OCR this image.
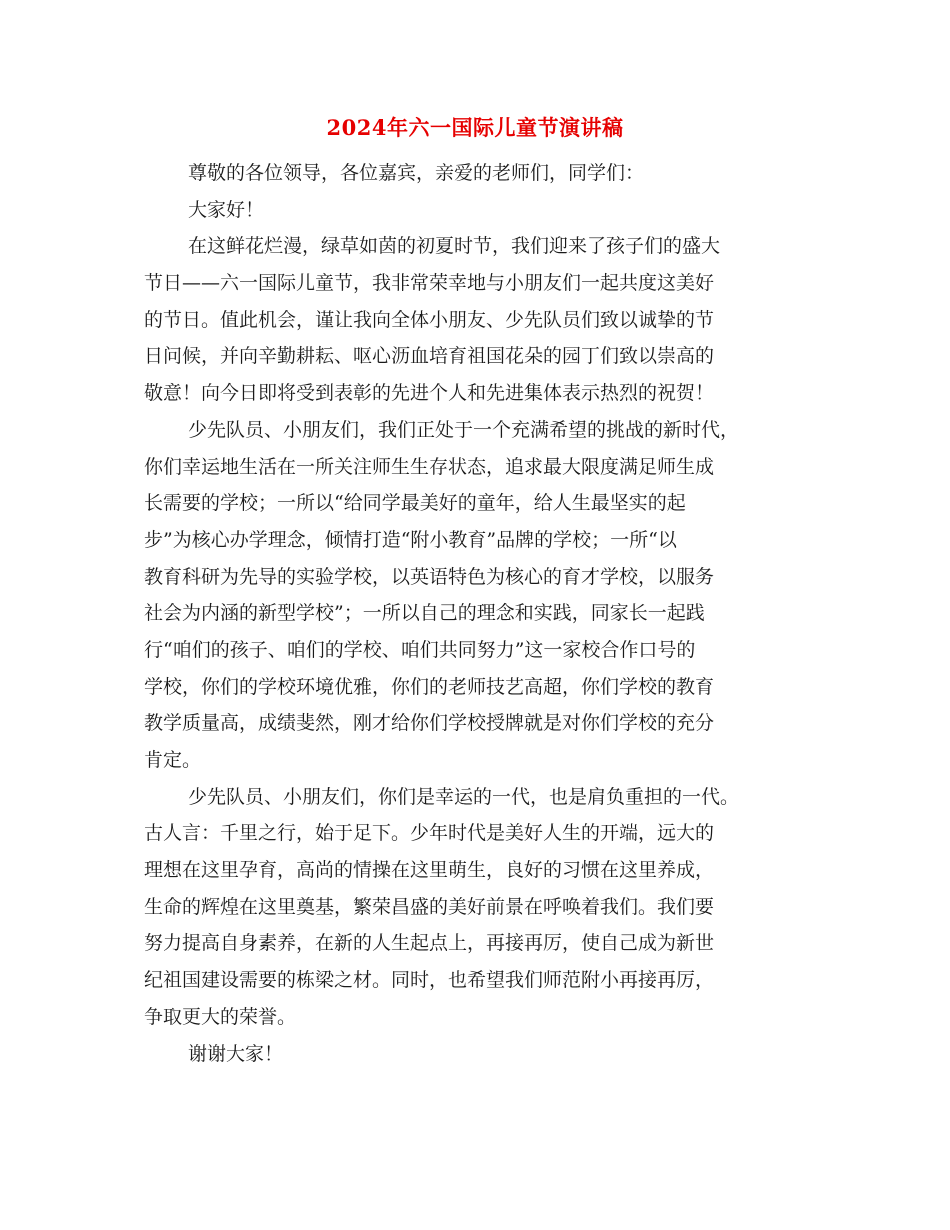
2024年六一国际儿童节演讲稿
尊敬的各位领导，各位嘉宾，亲爱的老师们，同学们：
大家好！
在这鲜花烂漫，绿草如茵的初夏时节，我们迎来了孩子们的盛大
节日——六一国际儿童节，我非常荣幸地与小朋友们一起共度这美好
的节日。值此机会，谨让我向全体小朋友、少先队员们致以诚挚的节
日问候，并向辛勤耕耘、呕心沥血培育祖国花朵的园丁们致以崇高的
敬意！向今日即将受到表彰的先进个人和先进集体表示热烈的祝贺！
少先队员、小朋友们，我们正处于一个充满希望的挑战的新时代，
你们幸运地生活在一所关注师生生存状态，追求最大限度满足师生成
长需要的学校；一所以“给同学最美好的童年，给人生最坚实的起
步”为核心办学理念，倾情打造“附小教育”品牌的学校；一所“以
教育科研为先导的实验学校，以英语特色为核心的育才学校，以服务
社会为内涵的新型学校”；一所以自己的理念和实践，同家长一起践
行“咱们的孩子、咱们的学校、咱们共同努力”这一家校合作口号的
学校，你们的学校环境优雅，你们的老师技艺高超，你们学校的教育
教学质量高，成绩斐然，刚才给你们学校授牌就是对你们学校的充分
肯定。
少先队员、小朋友们，你们是幸运的一代，也是肩负重担的一代。
古人言：千里之行，始于足下。少年时代是美好人生的开端，远大的
理想在这里孕育，高尚的情操在这里萌生，良好的习惯在这里养成，
生命的辉煌在这里奠基，繁荣昌盛的美好前景在呼唤着我们。我们要
努力提高自身素养，在新的人生起点上，再接再厉，使自己成为新世
纪祖国建设需要的栋梁之材。同时，也希望我们师范附小再接再厉，
争取更大的荣誉。
谢谢大家！
